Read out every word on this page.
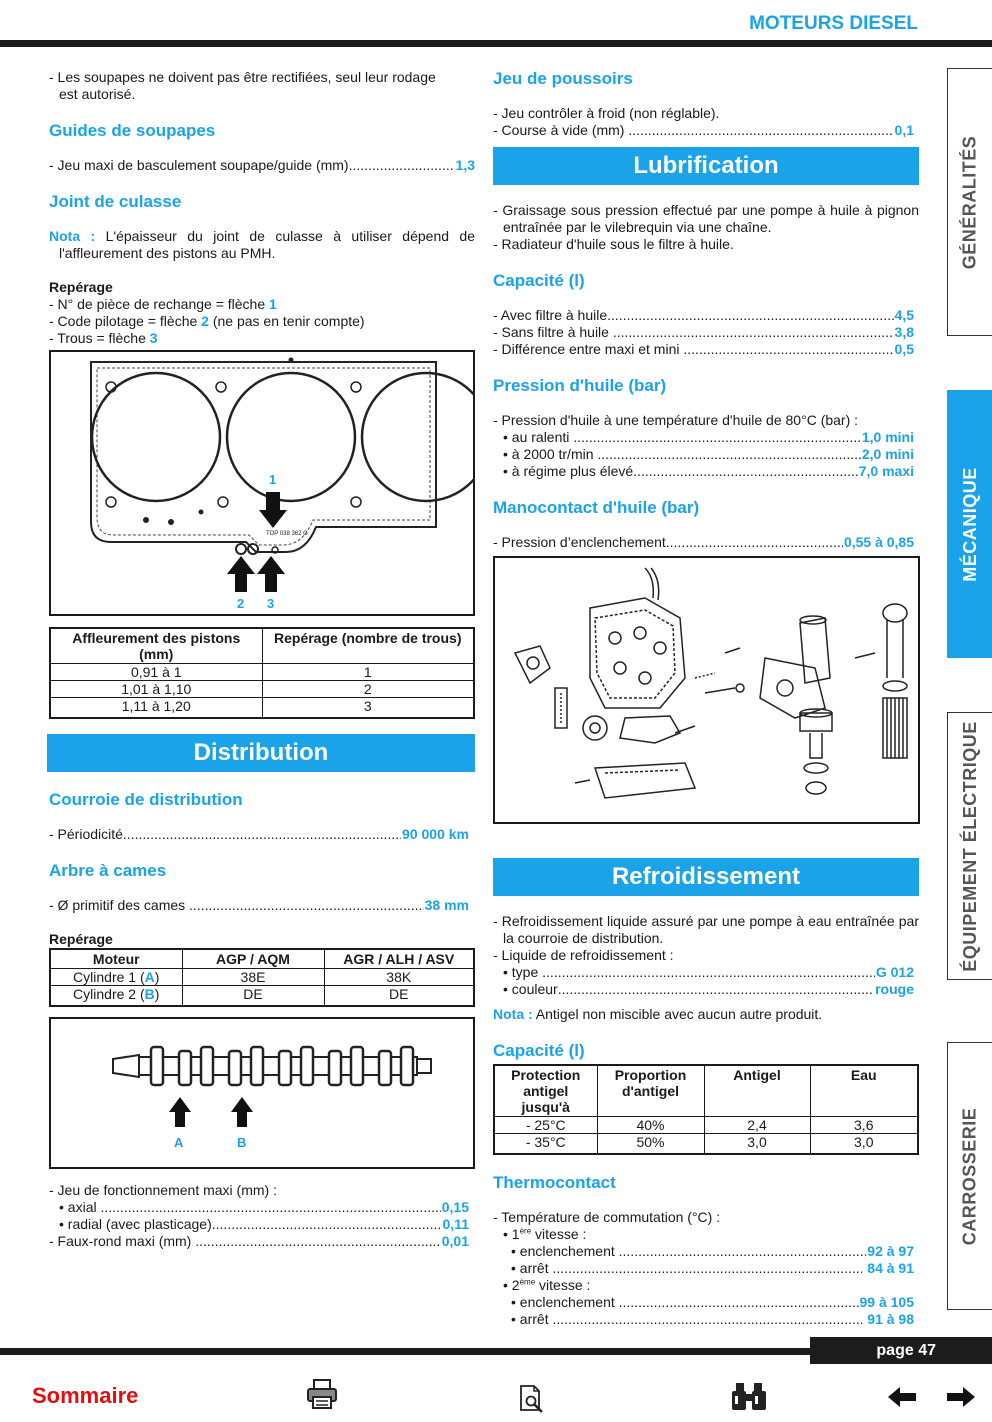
MOTEURS DIESEL
- Les soupapes ne doivent pas être rectifiées, seul leur rodage
est autorisé.
Guides de soupapes
- Jeu maxi de basculement soupape/guide (mm) .....	1,3
Joint de culasse
Nota : L'épaisseur du joint de culasse à utiliser dépend de l'affleurement des pistons au PMH.
Repérage
- N° de pièce de rechange = flèche 1
- Code pilotage = flèche 2 (ne pas en tenir compte)
- Trous = flèche 3
TOP 038 362 G
1
2 3
Affleurement des pistons (mm)	Repérage (nombre de trous)
0,91 à 1	1
1,01 à 1,10	2
1,11 à 1,20	3
Distribution
Courroie de distribution
- Périodicité .....	90 000 km
Arbre à cames
- Ø primitif des cames
.....	38 mm
Repérage
Moteur	AGP / AQM	AGR / ALH / ASV
Cylindre 1 (A)	38E	38K
Cylindre 2 (B)	DE	DE
A	B
- Jeu de fonctionnement maxi (mm) :
• axial
.....	0,15
• radial (avec plasticage) .....	0,11
- Faux-rond maxi (mm)
.....	0,01
Jeu de poussoirs
- Jeu contrôler à froid (non réglable).
- Course à vide (mm)
.....	0,1
Lubrification
- Graissage sous pression effectué par une pompe à huile à pignon entraînée par le vilebrequin via une chaîne.
- Radiateur d'huile sous le filtre à huile.
Capacité (l)
- Avec filtre à huile .....	4,5
- Sans filtre à huile
.....	3,8
- Différence entre maxi et mini
.....	0,5
Pression d'huile (bar)
- Pression d'huile à une température d'huile de 80°C (bar) :
• au ralenti
.....	1,0 mini
• à 2000 tr/min
.....	2,0 mini
• à régime plus élevé .....	7,0 maxi
Manocontact d'huile (bar)
- Pression d’enclenchement .....	0,55 à 0,85
Refroidissement
- Refroidissement liquide assuré par une pompe à eau entraînée par la courroie de distribution.
- Liquide de refroidissement :
• type
.....	G 012
• couleur .....	rouge
Nota : Antigel non miscible avec aucun autre produit.
Capacité (l)
Protection antigel jusqu'à	Proportion d'antigel	Antigel	Eau
- 25°C	40%	2,4	3,6
- 35°C	50%	3,0	3,0
Thermocontact
- Température de commutation (°C) :
• 1ère vitesse :
• enclenchement
.....	92 à 97
• arrêt
.....
	84 à 91
• 2ème vitesse :
• enclenchement
.....	99 à 105
• arrêt
.....
	91 à 98
GÉNÉRALITÉS
MÉCANIQUE
ÉQUIPEMENT ÉLECTRIQUE
CARROSSERIE
page 47
Sommaire
